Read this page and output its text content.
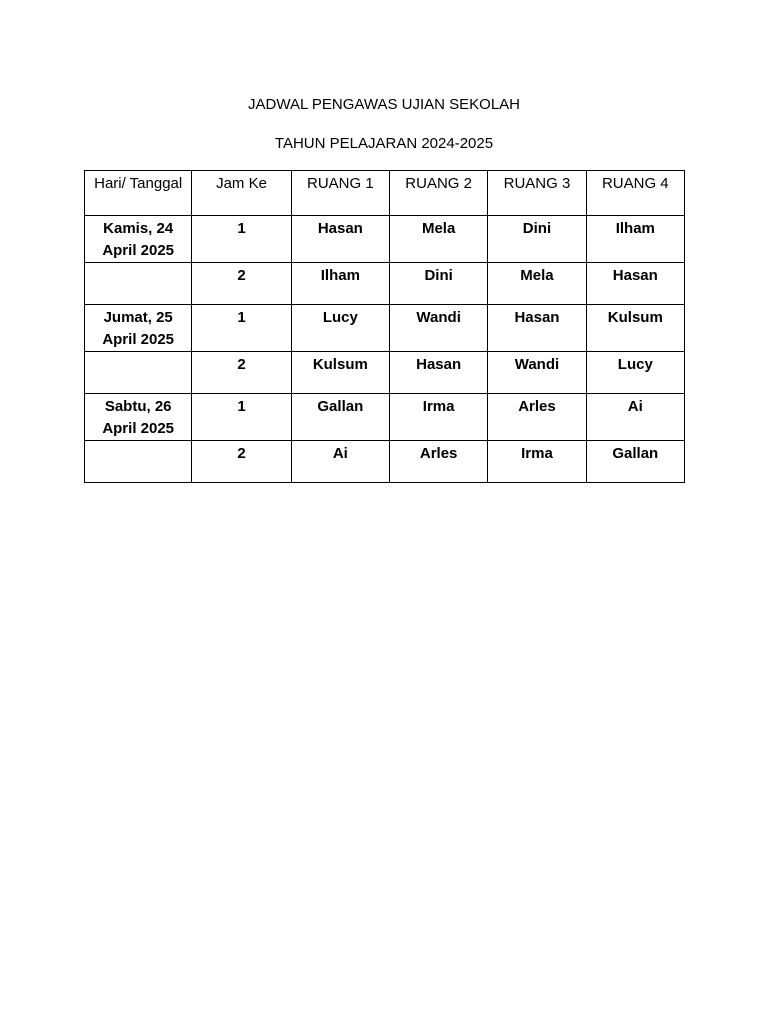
JADWAL PENGAWAS UJIAN SEKOLAH
TAHUN PELAJARAN 2024-2025
Hari/ Tanggal	Jam Ke	RUANG 1	RUANG 2	RUANG 3	RUANG 4
Kamis, 24 April 2025	1	Hasan	Mela	Dini	Ilham
	2	Ilham	Dini	Mela	Hasan
Jumat, 25 April 2025	1	Lucy	Wandi	Hasan	Kulsum
	2	Kulsum	Hasan	Wandi	Lucy
Sabtu, 26 April 2025	1	Gallan	Irma	Arles	Ai
	2	Ai	Arles	Irma	Gallan
